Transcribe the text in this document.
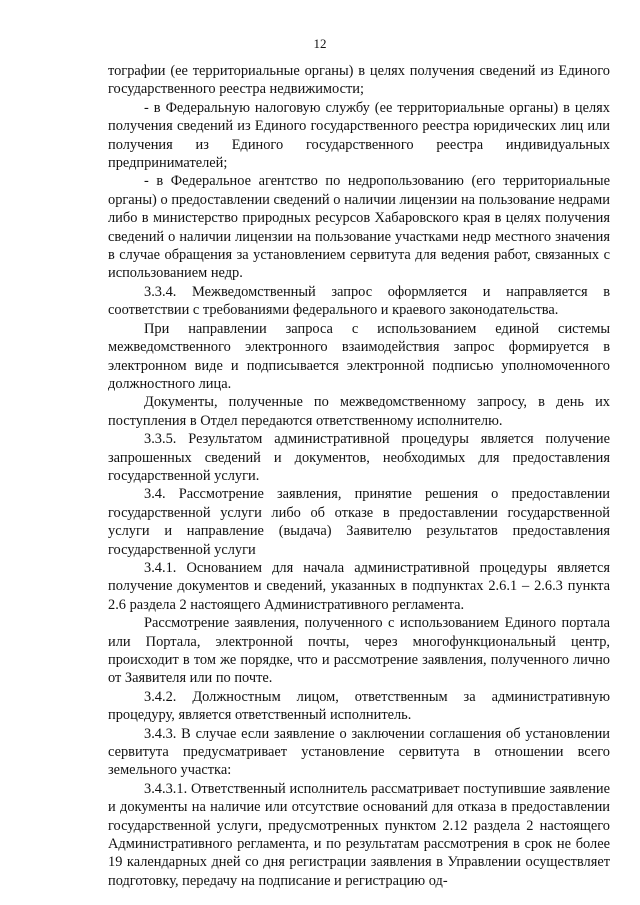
12

тографии (ее территориальные органы) в целях получения сведений из Единого государственного реестра недвижимости;

- в Федеральную налоговую службу (ее территориальные органы) в целях получения сведений из Единого государственного реестра юридических лиц или получения из Единого государственного реестра индивидуальных предпринимателей;

- в Федеральное агентство по недропользованию (его территориальные органы) о предоставлении сведений о наличии лицензии на пользование недрами либо в министерство природных ресурсов Хабаровского края в целях получения сведений о наличии лицензии на пользование участками недр местного значения в случае обращения за установлением сервитута для ведения работ, связанных с использованием недр.

3.3.4. Межведомственный запрос оформляется и направляется в соответствии с требованиями федерального и краевого законодательства.

При направлении запроса с использованием единой системы межведомственного электронного взаимодействия запрос формируется в электронном виде и подписывается электронной подписью уполномоченного должностного лица.

Документы, полученные по межведомственному запросу, в день их поступления в Отдел передаются ответственному исполнителю.

3.3.5. Результатом административной процедуры является получение запрошенных сведений и документов, необходимых для предоставления государственной услуги.

3.4. Рассмотрение заявления, принятие решения о предоставлении государственной услуги либо об отказе в предоставлении государственной услуги и направление (выдача) Заявителю результатов предоставления государственной услуги

3.4.1. Основанием для начала административной процедуры является получение документов и сведений, указанных в подпунктах 2.6.1 – 2.6.3 пункта 2.6 раздела 2 настоящего Административного регламента.

Рассмотрение заявления, полученного с использованием Единого портала или Портала, электронной почты, через многофункциональный центр, происходит в том же порядке, что и рассмотрение заявления, полученного лично от Заявителя или по почте.

3.4.2. Должностным лицом, ответственным за административную процедуру, является ответственный исполнитель.

3.4.3. В случае если заявление о заключении соглашения об установлении сервитута предусматривает установление сервитута в отношении всего земельного участка:

3.4.3.1. Ответственный исполнитель рассматривает поступившие заявление и документы на наличие или отсутствие оснований для отказа в предоставлении государственной услуги, предусмотренных пунктом 2.12 раздела 2 настоящего Административного регламента, и по результатам рассмотрения в срок не более 19 календарных дней со дня регистрации заявления в Управлении осуществляет подготовку, передачу на подписание и регистрацию од-
